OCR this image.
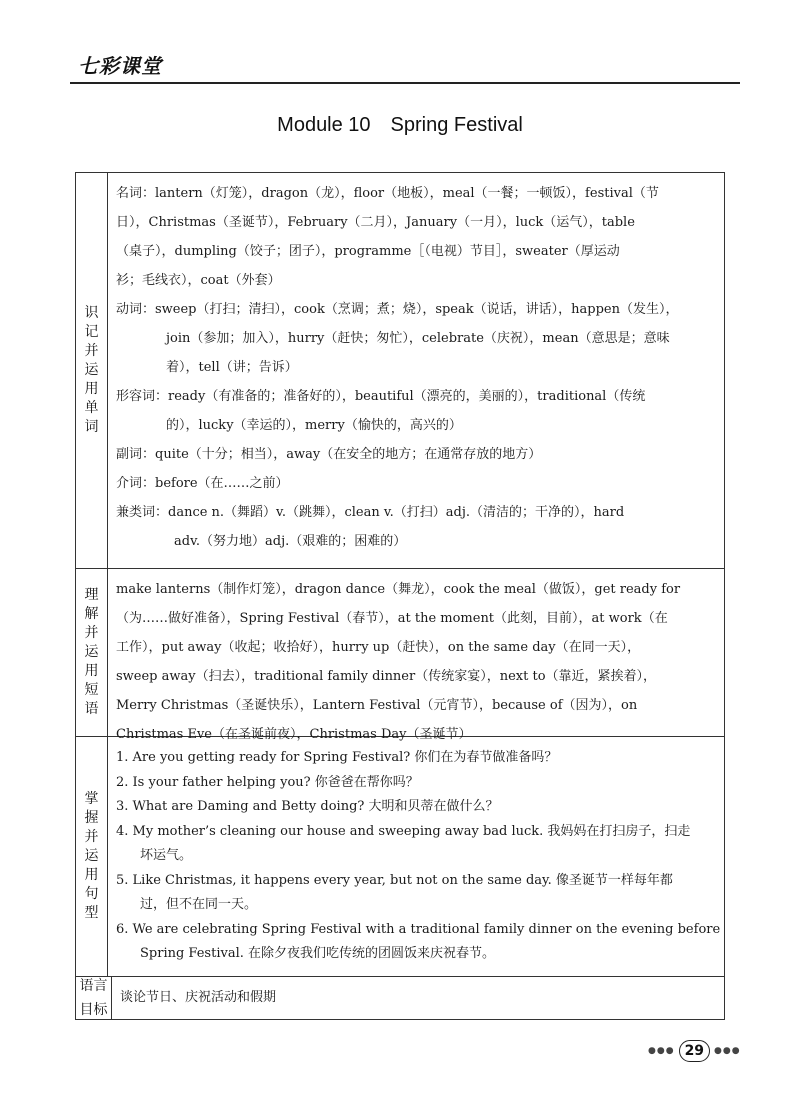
七彩课堂
Module 10　Spring Festival
识记并运用单词
名词：lantern（灯笼），dragon（龙），floor（地板），meal（一餐；一顿饭），festival（节
日），Christmas（圣诞节），February（二月），January（一月），luck（运气），table
（桌子），dumpling（饺子；团子），programme［（电视）节目］，sweater（厚运动
衫；毛线衣），coat（外套）
动词：sweep（打扫；清扫），cook（烹调；煮；烧），speak（说话，讲话），happen（发生），
join（参加；加入），hurry（赶快；匆忙），celebrate（庆祝），mean（意思是；意味
着），tell（讲；告诉）
形容词：ready（有准备的；准备好的），beautiful（漂亮的，美丽的），traditional（传统
的），lucky（幸运的），merry（愉快的，高兴的）
副词：quite（十分；相当），away（在安全的地方；在通常存放的地方）
介词：before（在……之前）
兼类词：dance n.（舞蹈）v.（跳舞），clean v.（打扫）adj.（清洁的；干净的），hard
adv.（努力地）adj.（艰难的；困难的）
理解并运用短语
make lanterns（制作灯笼），dragon dance（舞龙），cook the meal（做饭），get ready for
（为……做好准备），Spring Festival（春节），at the moment（此刻，目前），at work（在
工作），put away（收起；收拾好），hurry up（赶快），on the same day（在同一天），
sweep away（扫去），traditional family dinner（传统家宴），next to（靠近，紧挨着），
Merry Christmas（圣诞快乐），Lantern Festival（元宵节），because of（因为），on
Christmas Eve（在圣诞前夜），Christmas Day（圣诞节）
掌握并运用句型
1. Are you getting ready for Spring Festival? 你们在为春节做准备吗？
2. Is your father helping you? 你爸爸在帮你吗？
3. What are Daming and Betty doing? 大明和贝蒂在做什么？
4. My mother’s cleaning our house and sweeping away bad luck. 我妈妈在打扫房子，扫走
坏运气。
5. Like Christmas, it happens every year, but not on the same day. 像圣诞节一样每年都
过，但不在同一天。
6. We are celebrating Spring Festival with a traditional family dinner on the evening before
Spring Festival. 在除夕夜我们吃传统的团圆饭来庆祝春节。
语言
目标
谈论节日、庆祝活动和假期
●●● 29	●●●
